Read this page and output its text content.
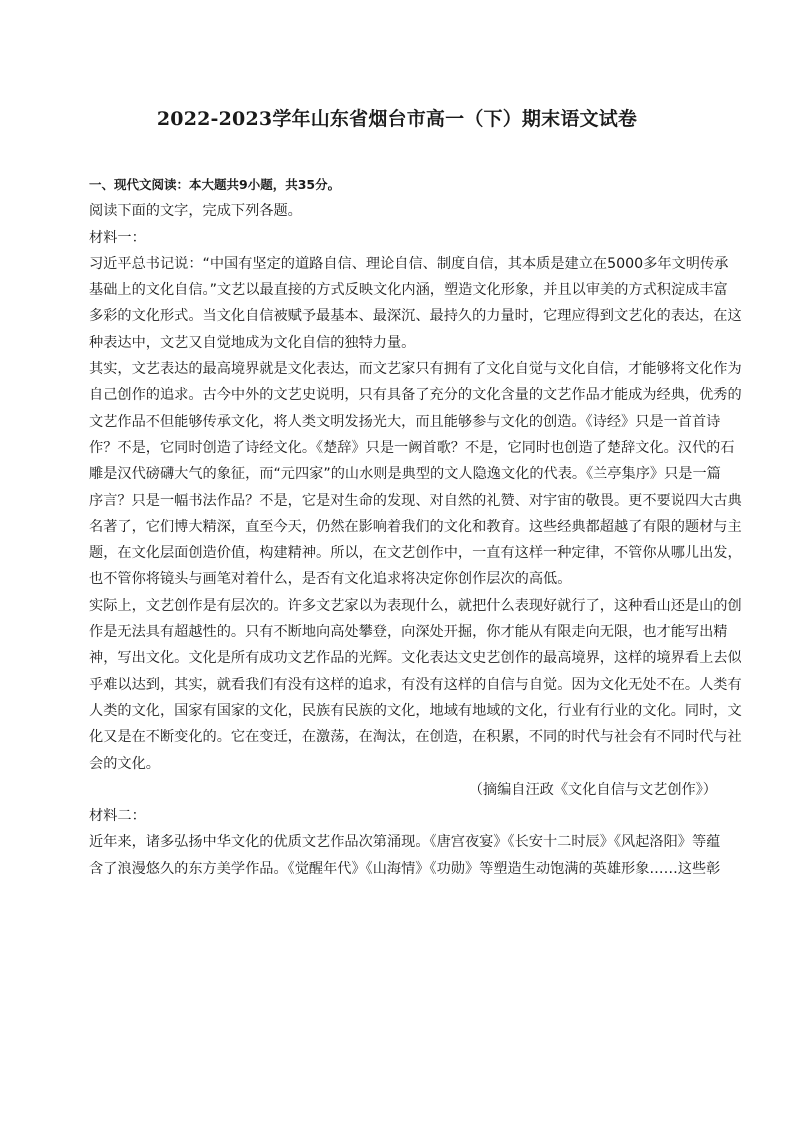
2022-2023学年山东省烟台市高一（下）期末语文试卷
一、现代文阅读：本大题共9小题，共35分。
阅读下面的文字，完成下列各题。
材料一：
习近平总书记说：“中国有坚定的道路自信、理论自信、制度自信，其本质是建立在5000多年文明传承
基础上的文化自信。”文艺以最直接的方式反映文化内涵，塑造文化形象，并且以审美的方式积淀成丰富
多彩的文化形式。当文化自信被赋予最基本、最深沉、最持久的力量时，它理应得到文艺化的表达，在这
种表达中，文艺又自觉地成为文化自信的独特力量。
其实，文艺表达的最高境界就是文化表达，而文艺家只有拥有了文化自觉与文化自信，才能够将文化作为
自己创作的追求。古今中外的文艺史说明，只有具备了充分的文化含量的文艺作品才能成为经典，优秀的
文艺作品不但能够传承文化，将人类文明发扬光大，而且能够参与文化的创造。《诗经》只是一首首诗
作？不是，它同时创造了诗经文化。《楚辞》只是一阙首歌？不是，它同时也创造了楚辞文化。汉代的石
雕是汉代磅礴大气的象征，而“元四家”的山水则是典型的文人隐逸文化的代表。《兰亭集序》只是一篇
序言？只是一幅书法作品？不是，它是对生命的发现、对自然的礼赞、对宇宙的敬畏。更不要说四大古典
名著了，它们博大精深，直至今天，仍然在影响着我们的文化和教育。这些经典都超越了有限的题材与主
题，在文化层面创造价值，构建精神。所以，在文艺创作中，一直有这样一种定律，不管你从哪儿出发，
也不管你将镜头与画笔对着什么，是否有文化追求将决定你创作层次的高低。
实际上，文艺创作是有层次的。许多文艺家以为表现什么，就把什么表现好就行了，这种看山还是山的创
作是无法具有超越性的。只有不断地向高处攀登，向深处开掘，你才能从有限走向无限，也才能写出精
神，写出文化。文化是所有成功文艺作品的光辉。文化表达文史艺创作的最高境界，这样的境界看上去似
乎难以达到，其实，就看我们有没有这样的追求，有没有这样的自信与自觉。因为文化无处不在。人类有
人类的文化，国家有国家的文化，民族有民族的文化，地域有地域的文化，行业有行业的文化。同时，文
化又是在不断变化的。它在变迁，在激荡，在淘汰，在创造，在积累，不同的时代与社会有不同时代与社
会的文化。
（摘编自汪政《文化自信与文艺创作》）
材料二：
近年来，诸多弘扬中华文化的优质文艺作品次第涌现。《唐宫夜宴》《长安十二时辰》《风起洛阳》等蕴
含了浪漫悠久的东方美学作品。《觉醒年代》《山海情》《功勋》等塑造生动饱满的英雄形象……这些彰
